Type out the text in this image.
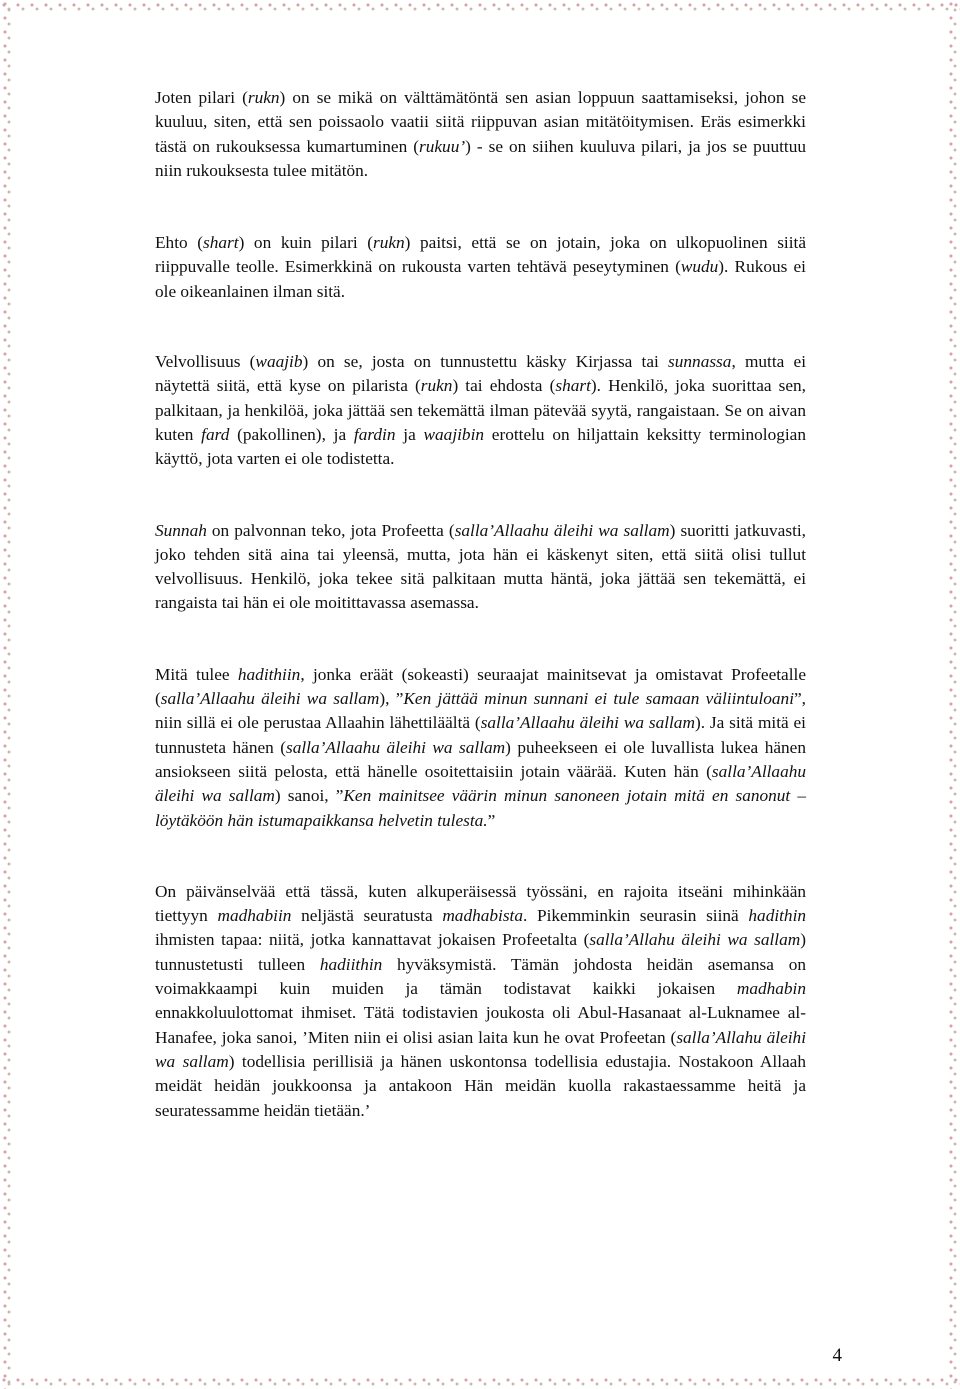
Joten pilari (rukn) on se mikä on välttämätöntä sen asian loppuun saattamiseksi, johon se kuuluu, siten, että sen poissaolo vaatii siitä riippuvan asian mitätöitymisen. Eräs esimerkki tästä on rukouksessa kumartuminen (rukuu’) - se on siihen kuuluva pilari, ja jos se puuttuu niin rukouksesta tulee mitätön.

Ehto (shart) on kuin pilari (rukn) paitsi, että se on jotain, joka on ulkopuolinen siitä riippuvalle teolle. Esimerkkinä on rukousta varten tehtävä peseytyminen (wudu). Rukous ei ole oikeanlainen ilman sitä.

Velvollisuus (waajib) on se, josta on tunnustettu käsky Kirjassa tai sunnassa, mutta ei näytettä siitä, että kyse on pilarista (rukn) tai ehdosta (shart). Henkilö, joka suorittaa sen, palkitaan, ja henkilöä, joka jättää sen tekemättä ilman pätevää syytä, rangaistaan. Se on aivan kuten fard (pakollinen), ja fardin ja waajibin erottelu on hiljattain keksitty terminologian käyttö, jota varten ei ole todistetta.

Sunnah on palvonnan teko, jota Profeetta (salla’Allaahu äleihi wa sallam) suoritti jatkuvasti, joko tehden sitä aina tai yleensä, mutta, jota hän ei käskenyt siten, että siitä olisi tullut velvollisuus. Henkilö, joka tekee sitä palkitaan mutta häntä, joka jättää sen tekemättä, ei rangaista tai hän ei ole moitittavassa asemassa.

Mitä tulee hadithiin, jonka eräät (sokeasti) seuraajat mainitsevat ja omistavat Profeetalle (salla’Allaahu äleihi wa sallam), ”Ken jättää minun sunnani ei tule samaan väliintuloani”, niin sillä ei ole perustaa Allaahin lähettiläältä (salla’Allaahu äleihi wa sallam). Ja sitä mitä ei tunnusteta hänen (salla’Allaahu äleihi wa sallam) puheekseen ei ole luvallista lukea hänen ansiokseen siitä pelosta, että hänelle osoitettaisiin jotain väärää. Kuten hän (salla’Allaahu äleihi wa sallam) sanoi, ”Ken mainitsee väärin minun sanoneen jotain mitä en sanonut – löytäköön hän istumapaikkansa helvetin tulesta.”

On päivänselvää että tässä, kuten alkuperäisessä työssäni, en rajoita itseäni mihinkään tiettyyn madhabiin neljästä seuratusta madhabista. Pikemminkin seurasin siinä hadithin ihmisten tapaa: niitä, jotka kannattavat jokaisen Profeetalta (salla’Allahu äleihi wa sallam) tunnustetusti tulleen hadiithin hyväksymistä. Tämän johdosta heidän asemansa on voimakkaampi kuin muiden ja tämän todistavat kaikki jokaisen madhabin ennakkoluulottomat ihmiset. Tätä todistavien joukosta oli Abul-Hasanaat al-Luknamee al-Hanafee, joka sanoi, ’Miten niin ei olisi asian laita kun he ovat Profeetan (salla’Allahu äleihi wa sallam) todellisia perillisiä ja hänen uskontonsa todellisia edustajia. Nostakoon Allaah meidät heidän joukkoonsa ja antakoon Hän meidän kuolla rakastaessamme heitä ja seuratessamme heidän tietään.’

4
